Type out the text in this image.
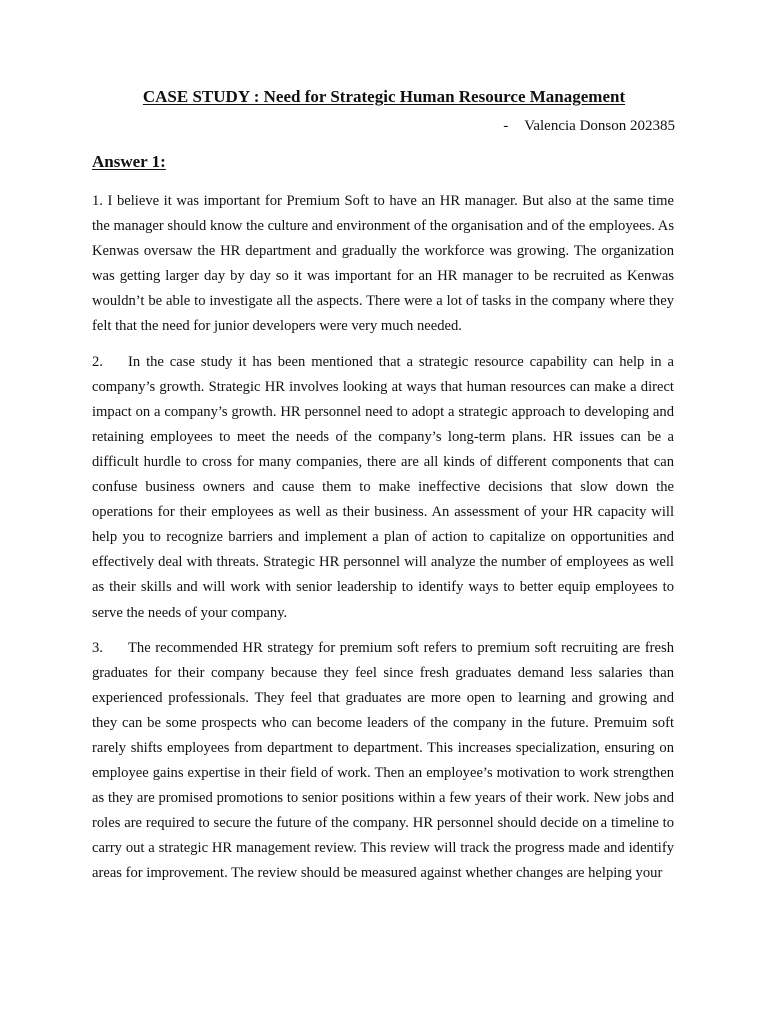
CASE STUDY : Need for Strategic Human Resource Management

- Valencia Donson 202385

Answer 1:

1. I believe it was important for Premium Soft to have an HR manager. But also at the same time the manager should know the culture and environment of the organisation and of the employees. As Kenwas oversaw the HR department and gradually the workforce was growing. The organization was getting larger day by day so it was important for an HR manager to be recruited as Kenwas wouldn’t be able to investigate all the aspects. There were a lot of tasks in the company where they felt that the need for junior developers were very much needed.

2. In the case study it has been mentioned that a strategic resource capability can help in a company’s growth. Strategic HR involves looking at ways that human resources can make a direct impact on a company’s growth. HR personnel need to adopt a strategic approach to developing and retaining employees to meet the needs of the company’s long-term plans. HR issues can be a difficult hurdle to cross for many companies, there are all kinds of different components that can confuse business owners and cause them to make ineffective decisions that slow down the operations for their employees as well as their business. An assessment of your HR capacity will help you to recognize barriers and implement a plan of action to capitalize on opportunities and effectively deal with threats. Strategic HR personnel will analyze the number of employees as well as their skills and will work with senior leadership to identify ways to better equip employees to serve the needs of your company.

3. The recommended HR strategy for premium soft refers to premium soft recruiting are fresh graduates for their company because they feel since fresh graduates demand less salaries than experienced professionals. They feel that graduates are more open to learning and growing and they can be some prospects who can become leaders of the company in the future. Premuim soft rarely shifts employees from department to department. This increases specialization, ensuring on employee gains expertise in their field of work. Then an employee’s motivation to work strengthen as they are promised promotions to senior positions within a few years of their work. New jobs and roles are required to secure the future of the company. HR personnel should decide on a timeline to carry out a strategic HR management review. This review will track the progress made and identify areas for improvement. The review should be measured against whether changes are helping your
